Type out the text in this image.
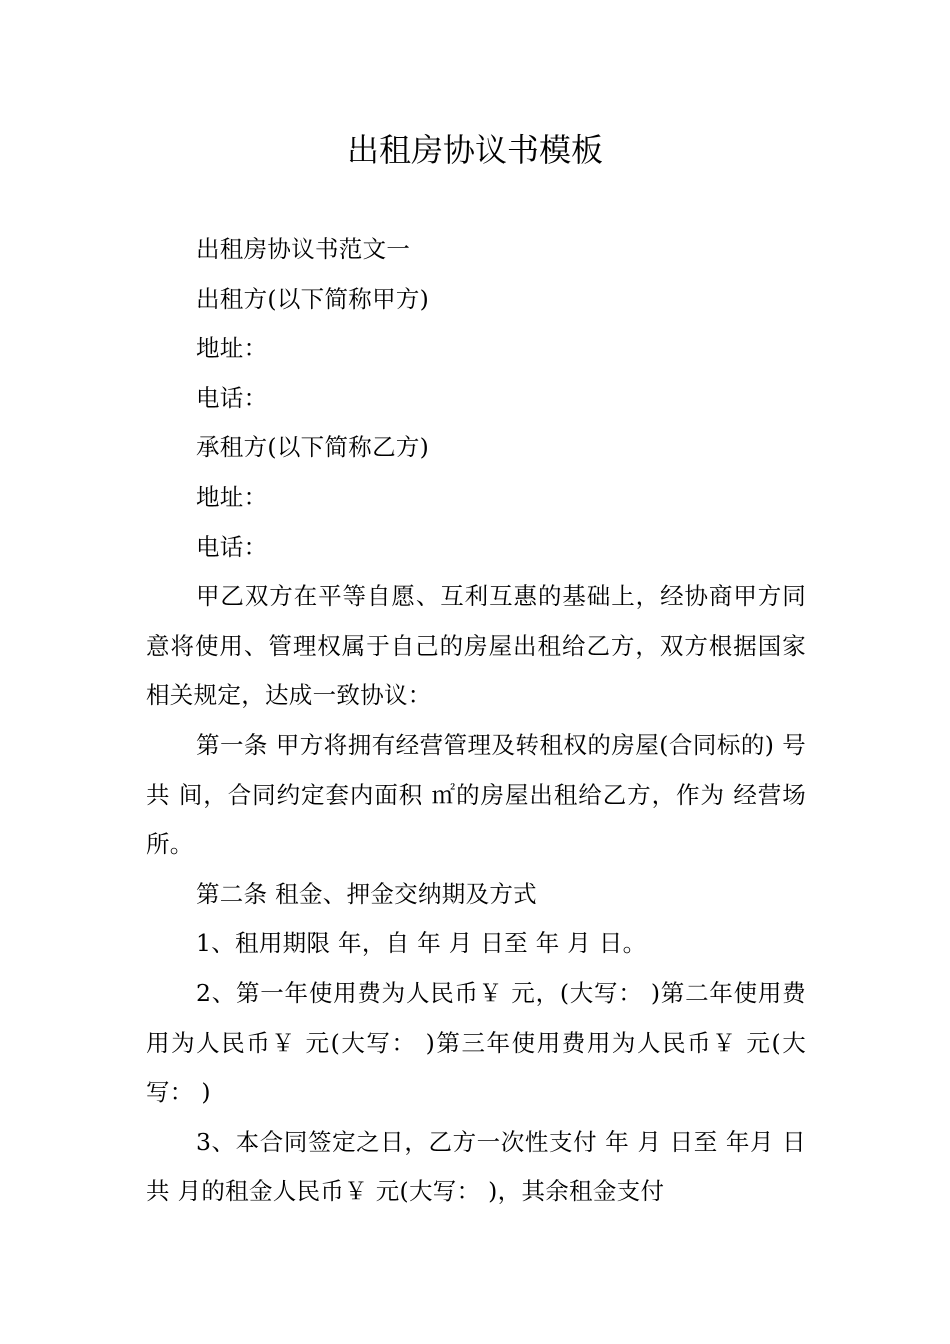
出租房协议书模板

出租房协议书范文一

出租方(以下简称甲方)

地址：

电话：

承租方(以下简称乙方)

地址：

电话：

甲乙双方在平等自愿、互利互惠的基础上，经协商甲方同意将使用、管理权属于自己的房屋出租给乙方，双方根据国家相关规定，达成一致协议：

第一条 甲方将拥有经营管理及转租权的房屋(合同标的) 号共 间，合同约定套内面积 ㎡的房屋出租给乙方，作为 经营场所。

第二条 租金、押金交纳期及方式

1、租用期限 年，自 年 月 日至 年 月 日。

2、第一年使用费为人民币￥ 元，(大写： )第二年使用费用为人民币￥ 元(大写： )第三年使用费用为人民币￥ 元(大写： )

3、本合同签定之日，乙方一次性支付 年 月 日至 年月 日共 月的租金人民币￥ 元(大写： )，其余租金支付
